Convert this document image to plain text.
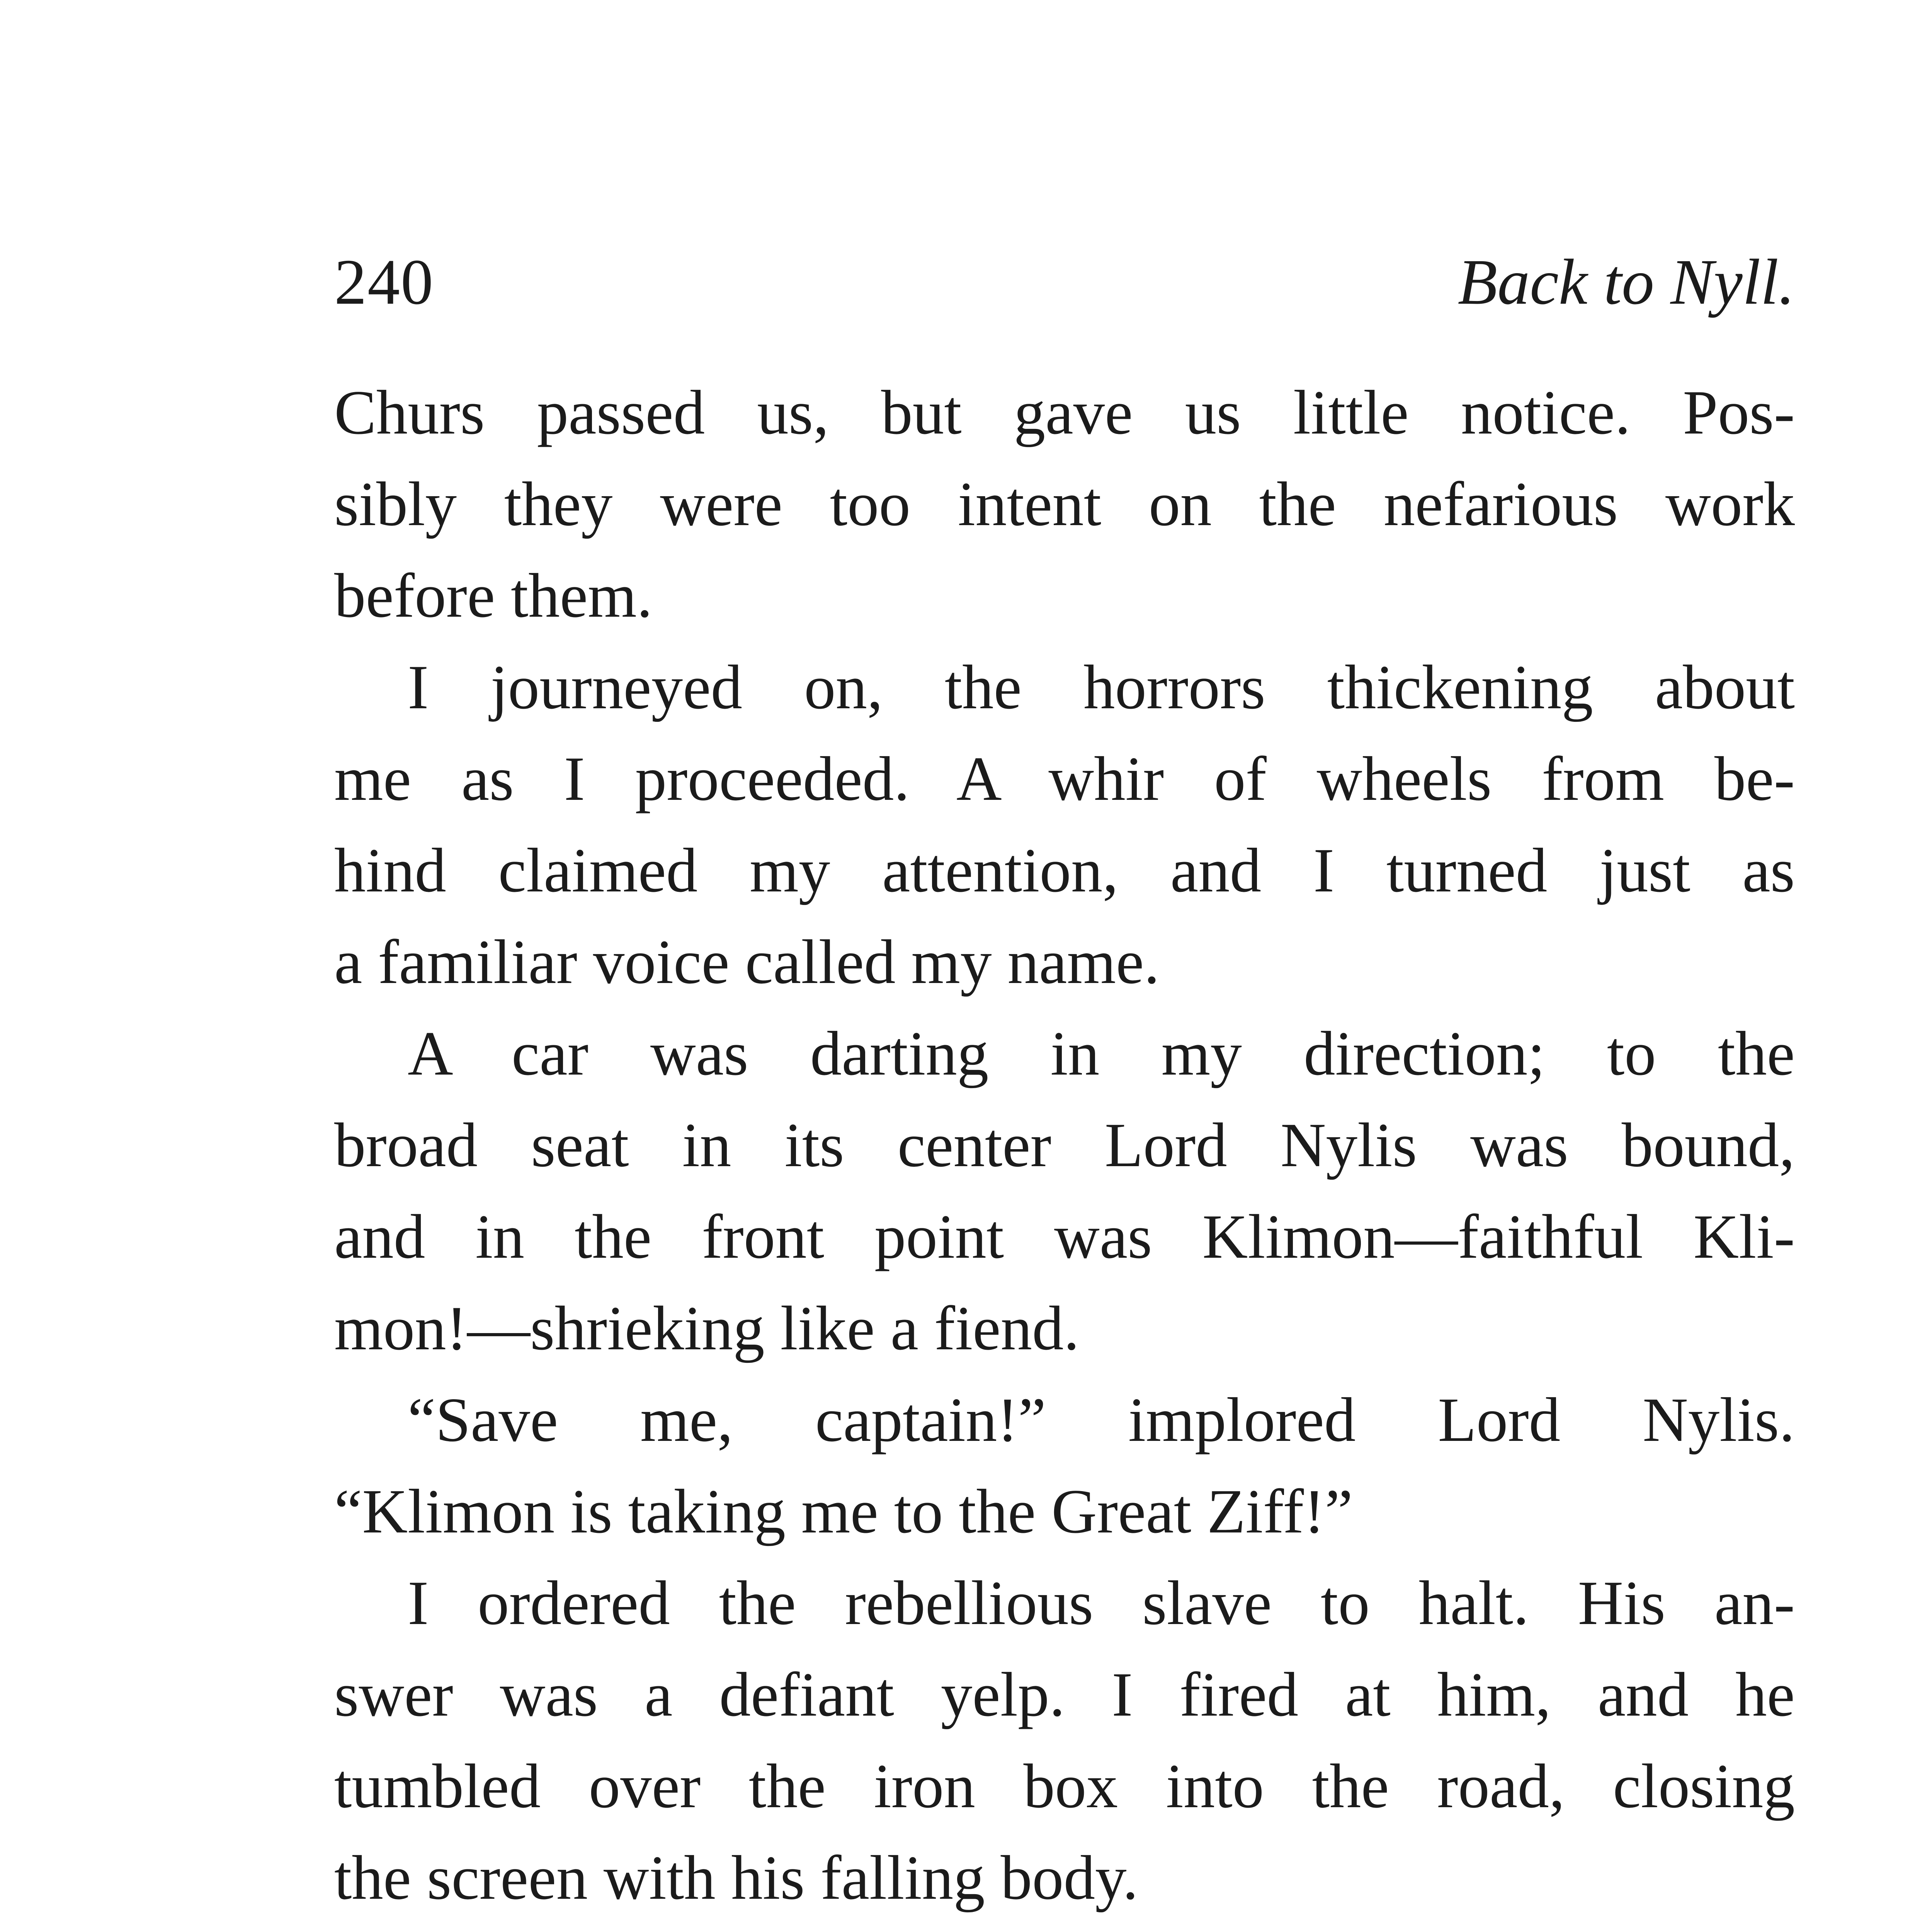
240	Back to Nyll.

Churs passed us, but gave us little notice. Pos-
sibly they were too intent on the nefarious work
before them.

I journeyed on, the horrors thickening about
me as I proceeded. A whir of wheels from be-
hind claimed my attention, and I turned just as
a familiar voice called my name.

A car was darting in my direction; to the
broad seat in its center Lord Nylis was bound,
and in the front point was Klimon—faithful Kli-
mon!—shrieking like a fiend.

“Save me, captain!” implored Lord Nylis.
“Klimon is taking me to the Great Ziff!”

I ordered the rebellious slave to halt. His an-
swer was a defiant yelp. I fired at him, and he
tumbled over the iron box into the road, closing
the screen with his falling body.
